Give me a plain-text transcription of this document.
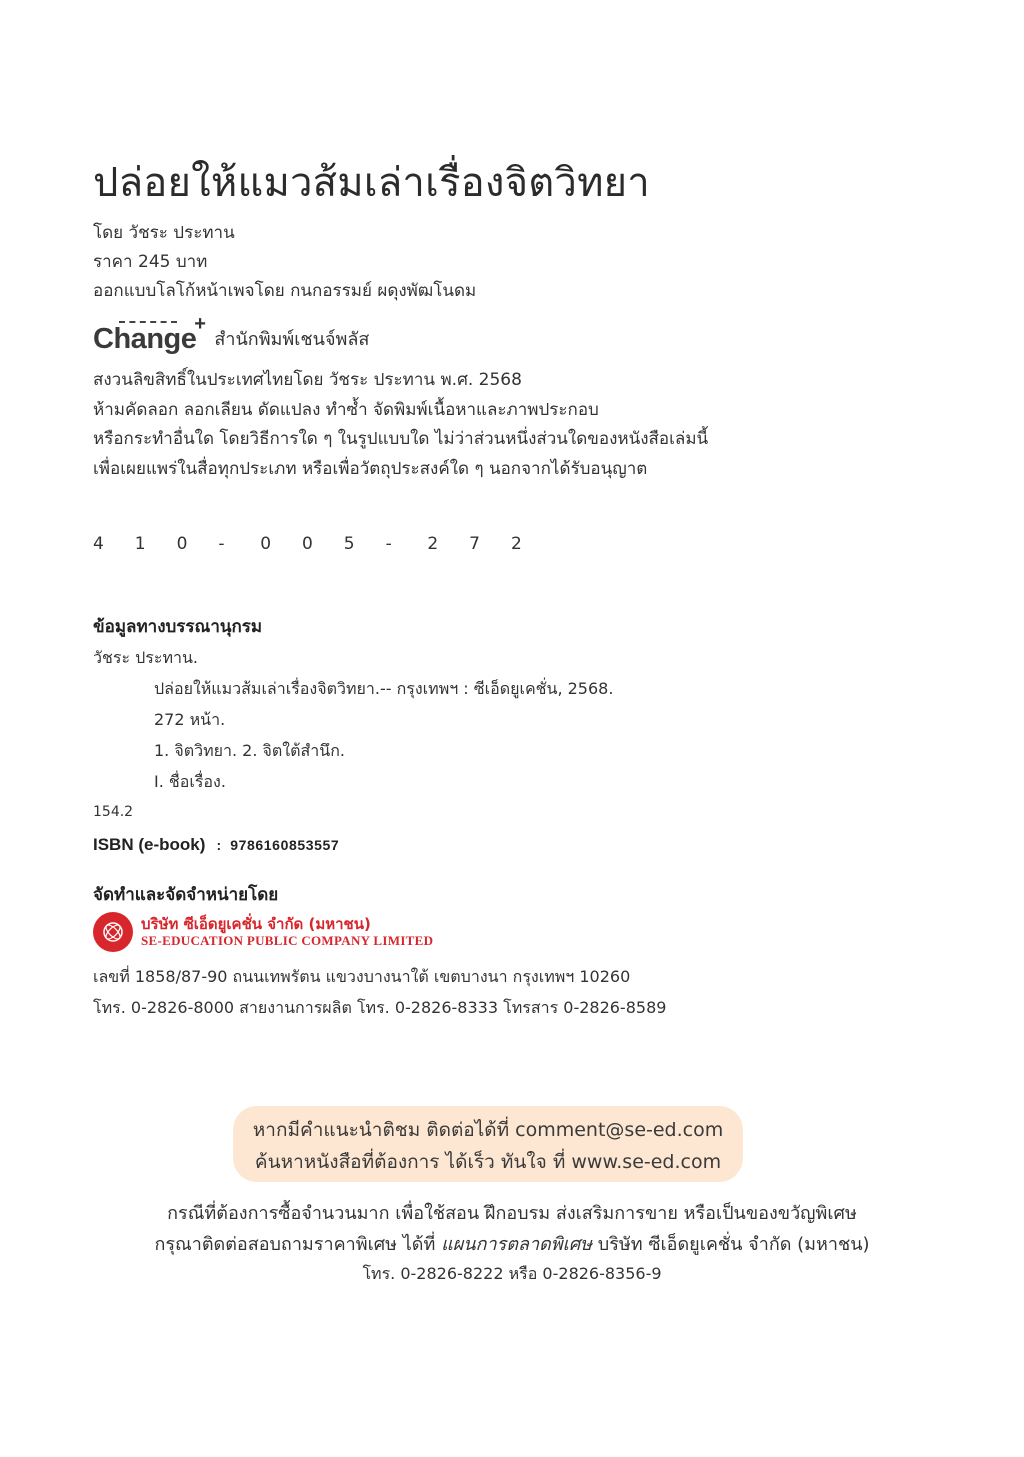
ปล่อยให้แมวส้มเล่าเรื่องจิตวิทยา
โดย วัชระ ประทาน
ราคา 245 บาท
ออกแบบโลโก้หน้าเพจโดย กนกอรรมย์ ผดุงพัฒโนดม
Change
+
สำนักพิมพ์เชนจ์พลัส
สงวนลิขสิทธิ์ในประเทศไทยโดย วัชระ ประทาน พ.ศ. 2568
ห้ามคัดลอก ลอกเลียน ดัดแปลง ทำซ้ำ จัดพิมพ์เนื้อหาและภาพประกอบ
หรือกระทำอื่นใด โดยวิธีการใด ๆ ในรูปแบบใด ไม่ว่าส่วนหนึ่งส่วนใดของหนังสือเล่มนี้
เพื่อเผยแพร่ในสื่อทุกประเภท หรือเพื่อวัตถุประสงค์ใด ๆ นอกจากได้รับอนุญาต
4 1 0 - 0 0 5 - 2 7 2
ข้อมูลทางบรรณานุกรม
วัชระ ประทาน.
ปล่อยให้แมวส้มเล่าเรื่องจิตวิทยา.-- กรุงเทพฯ : ซีเอ็ดยูเคชั่น, 2568.
272 หน้า.
1. จิตวิทยา. 2. จิตใต้สำนึก.
I. ชื่อเรื่อง.
154.2
ISBN (e-book) : 9786160853557
จัดทำและจัดจำหน่ายโดย
บริษัท ซีเอ็ดยูเคชั่น จำกัด (มหาชน)
SE-EDUCATION PUBLIC COMPANY LIMITED
เลขที่ 1858/87-90 ถนนเทพรัตน แขวงบางนาใต้ เขตบางนา กรุงเทพฯ 10260
โทร. 0-2826-8000 สายงานการผลิต โทร. 0-2826-8333 โทรสาร 0-2826-8589
หากมีคำแนะนำติชม ติดต่อได้ที่ comment@se-ed.com
ค้นหาหนังสือที่ต้องการ ได้เร็ว ทันใจ ที่ www.se-ed.com
กรณีที่ต้องการซื้อจำนวนมาก เพื่อใช้สอน ฝึกอบรม ส่งเสริมการขาย หรือเป็นของขวัญพิเศษ
กรุณาติดต่อสอบถามราคาพิเศษ ได้ที่ แผนการตลาดพิเศษ บริษัท ซีเอ็ดยูเคชั่น จำกัด (มหาชน)
โทร. 0-2826-8222 หรือ 0-2826-8356-9
